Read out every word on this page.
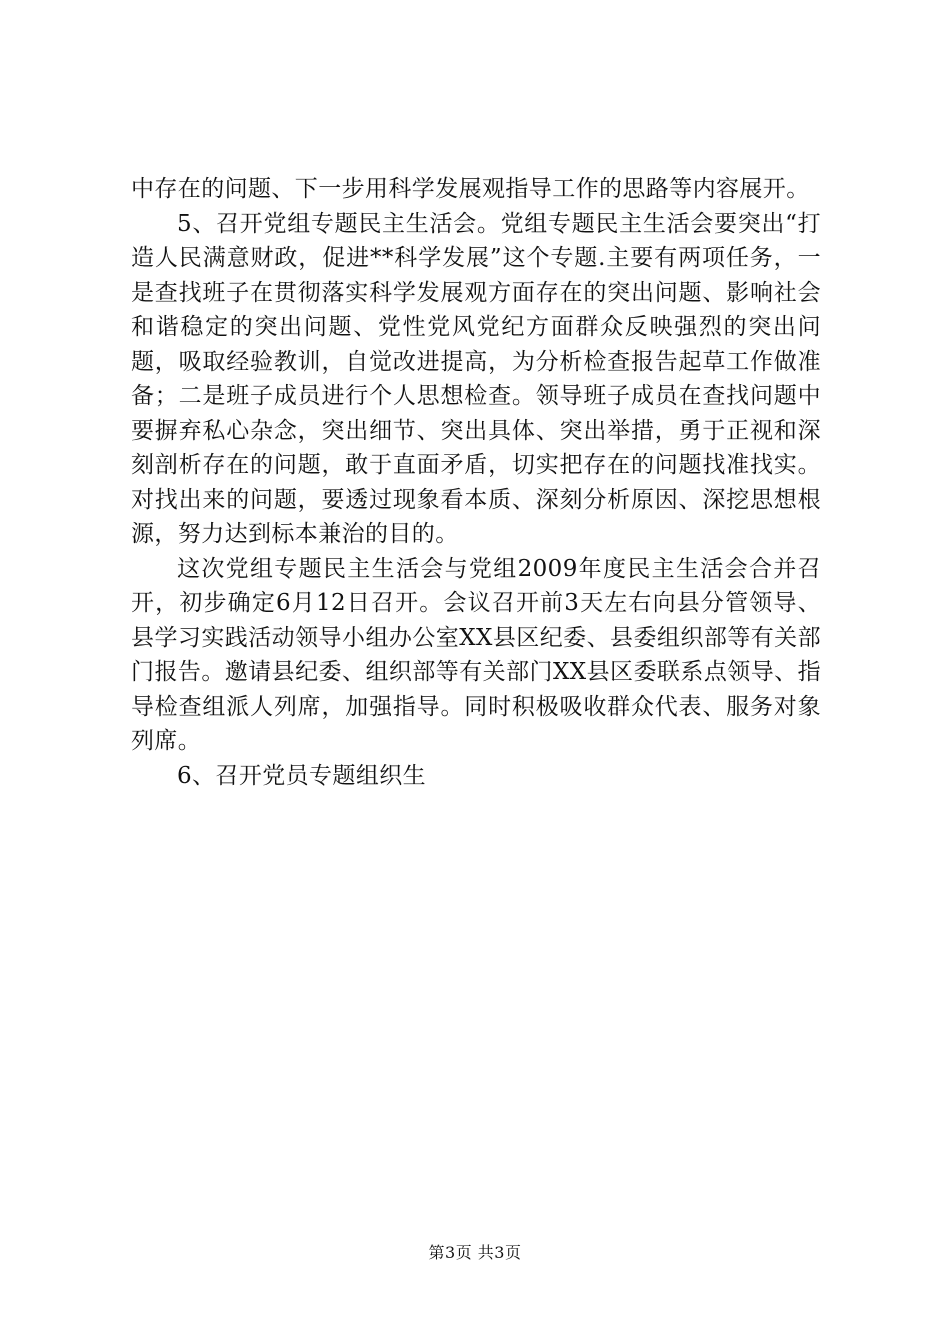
中存在的问题、下一步用科学发展观指导工作的思路等内容展开。

5、召开党组专题民主生活会。党组专题民主生活会要突出“打造人民满意财政，促进**科学发展”这个专题.主要有两项任务，一是查找班子在贯彻落实科学发展观方面存在的突出问题、影响社会和谐稳定的突出问题、党性党风党纪方面群众反映强烈的突出问题，吸取经验教训，自觉改进提高，为分析检查报告起草工作做准备；二是班子成员进行个人思想检查。领导班子成员在查找问题中要摒弃私心杂念，突出细节、突出具体、突出举措，勇于正视和深刻剖析存在的问题，敢于直面矛盾，切实把存在的问题找准找实。对找出来的问题，要透过现象看本质、深刻分析原因、深挖思想根源，努力达到标本兼治的目的。

这次党组专题民主生活会与党组2009年度民主生活会合并召开，初步确定6月12日召开。会议召开前3天左右向县分管领导、县学习实践活动领导小组办公室XX县区纪委、县委组织部等有关部门报告。邀请县纪委、组织部等有关部门XX县区委联系点领导、指导检查组派人列席，加强指导。同时积极吸收群众代表、服务对象列席。

6、召开党员专题组织生

第3页 共3页
